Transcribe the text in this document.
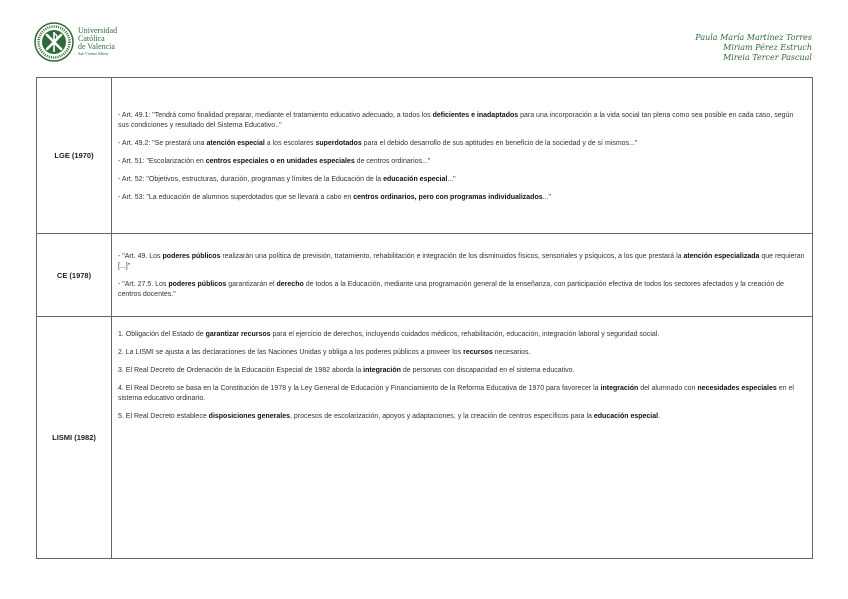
Universidad
Católica
de Valencia
San Vicente Mártir
Paula María Martínez Torres
Miriam Pérez Estruch
Mireia Tercer Pascual
LGE (1970)	- Art. 49.1: "Tendrá como finalidad preparar, mediante el tratamiento educativo adecuado, a todos los deficientes e inadaptados para una incorporación a la vida social tan plena como sea posible en cada caso, según sus condiciones y resultado del Sistema Educativo.."

- Art. 49.2: "Se prestará una atención especial a los escolares superdotados para el debido desarrollo de sus aptitudes en beneficio de la sociedad y de sí mismos..."

- Art. 51: "Escolarización en centros especiales o en unidades especiales de centros ordinarios..."

- Art. 52: "Objetivos, estructuras, duración, programas y límites de la Educación de la educación especial..."

- Art. 53: "La educación de alumnos superdotados que se llevará a cabo en centros ordinarios, pero con programas individualizados..."

CE (1978)	- "Art. 49. Los poderes públicos realizarán una política de previsión, tratamiento, rehabilitación e integración de los disminuidos físicos, sensoriales y psíquicos, a los que prestará la atención especializada que requieran [...]"

- "Art. 27.5. Los poderes públicos garantizarán el derecho de todos a la Educación, mediante una programación general de la enseñanza, con participación efectiva de todos los sectores afectados y la creación de centros docentes."

LISMI (1982)	1. Obligación del Estado de garantizar recursos para el ejercicio de derechos, incluyendo cuidados médicos, rehabilitación, educación, integración laboral y seguridad social.

2. La LISMI se ajusta a las declaraciones de las Naciones Unidas y obliga a los poderes públicos a proveer los recursos necesarios.

3. El Real Decreto de Ordenación de la Educación Especial de 1982 aborda la integración de personas con discapacidad en el sistema educativo.

4. El Real Decreto se basa en la Constitución de 1978 y la Ley General de Educación y Financiamiento de la Reforma Educativa de 1970 para favorecer la integración del alumnado con necesidades especiales en el sistema educativo ordinario.

5. El Real Decreto establece disposiciones generales, procesos de escolarización, apoyos y adaptaciones, y la creación de centros específicos para la educación especial.
